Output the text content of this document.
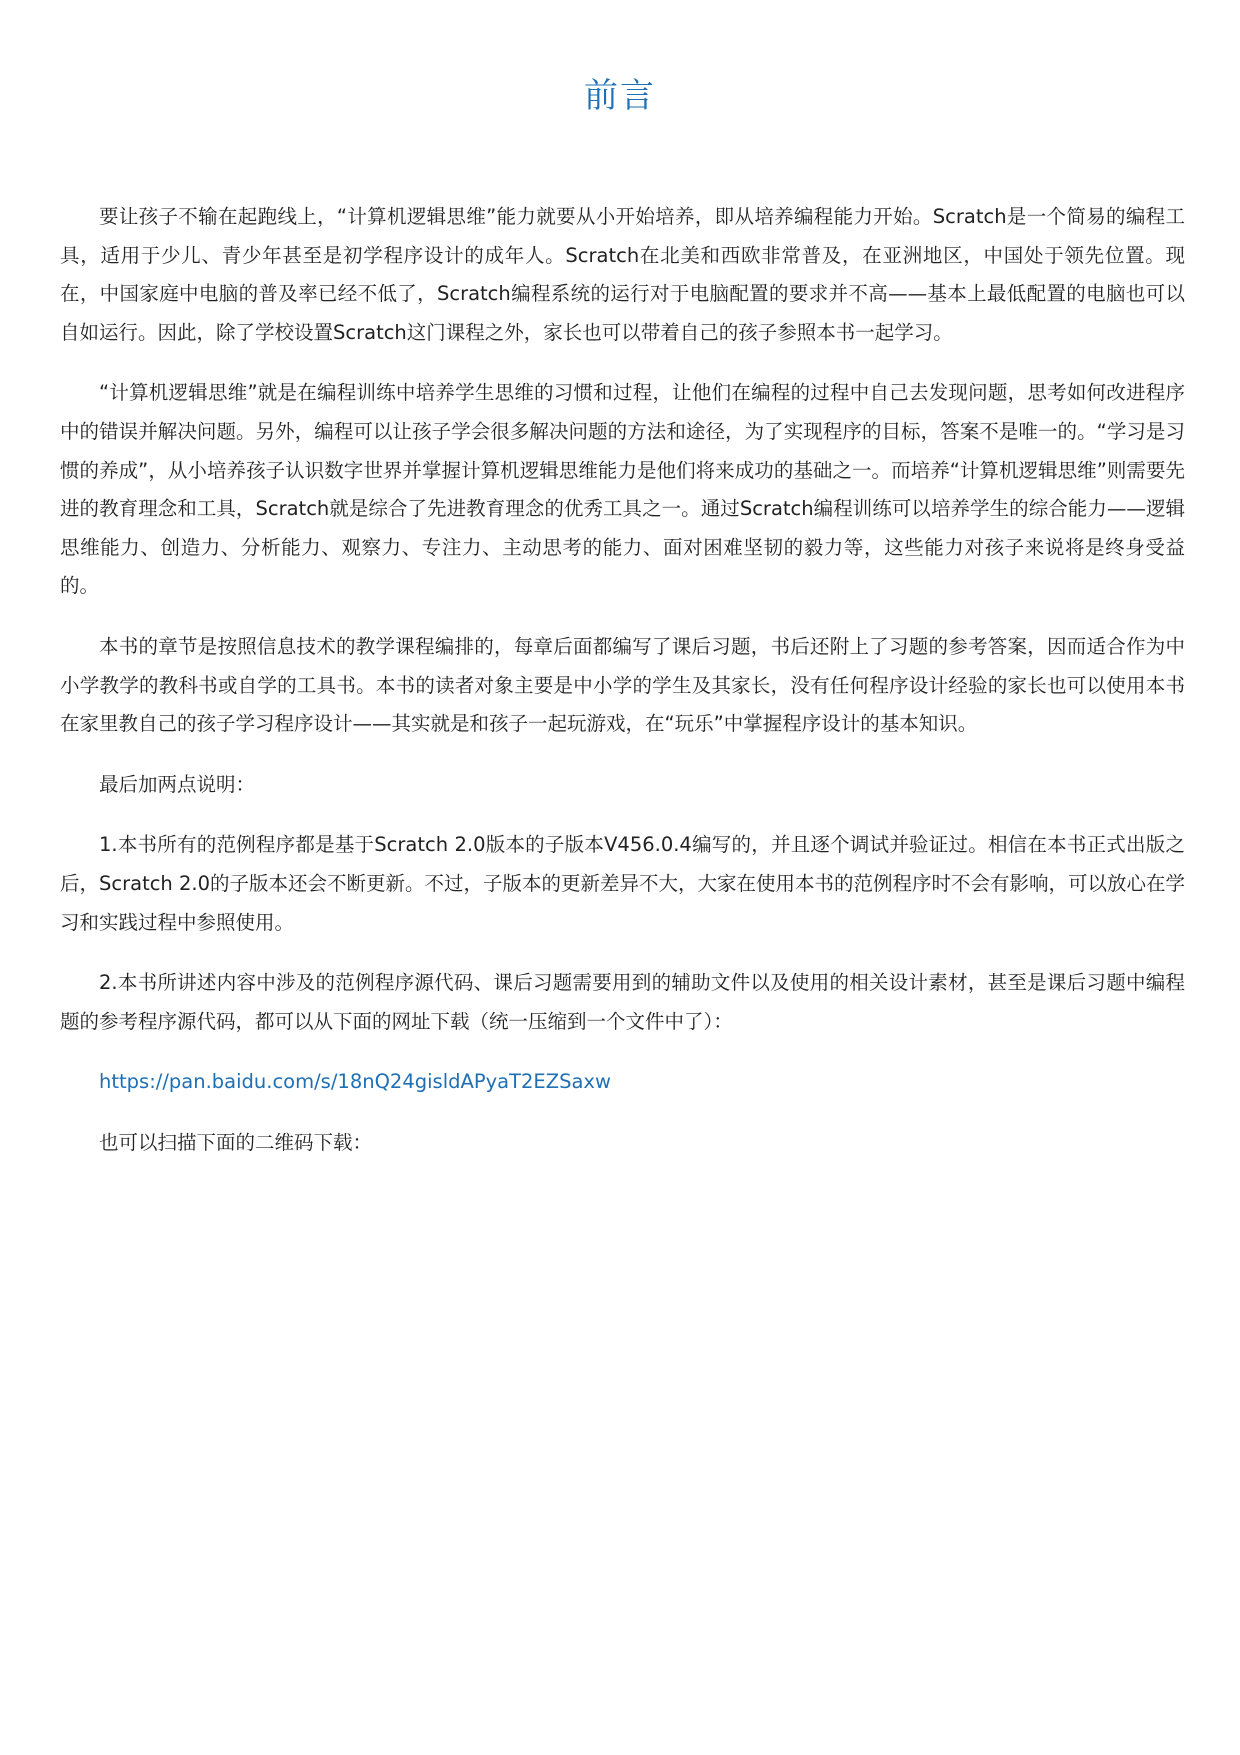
前言

要让孩子不输在起跑线上，“计算机逻辑思维”能力就要从小开始培养，即从培养编程能力开始。Scratch是一个简易的编程工具，适用于少儿、青少年甚至是初学程序设计的成年人。Scratch在北美和西欧非常普及，在亚洲地区，中国处于领先位置。现在，中国家庭中电脑的普及率已经不低了，Scratch编程系统的运行对于电脑配置的要求并不高——基本上最低配置的电脑也可以自如运行。因此，除了学校设置Scratch这门课程之外，家长也可以带着自己的孩子参照本书一起学习。

“计算机逻辑思维”就是在编程训练中培养学生思维的习惯和过程，让他们在编程的过程中自己去发现问题，思考如何改进程序中的错误并解决问题。另外，编程可以让孩子学会很多解决问题的方法和途径，为了实现程序的目标，答案不是唯一的。“学习是习惯的养成”，从小培养孩子认识数字世界并掌握计算机逻辑思维能力是他们将来成功的基础之一。而培养“计算机逻辑思维”则需要先进的教育理念和工具，Scratch就是综合了先进教育理念的优秀工具之一。通过Scratch编程训练可以培养学生的综合能力——逻辑思维能力、创造力、分析能力、观察力、专注力、主动思考的能力、面对困难坚韧的毅力等，这些能力对孩子来说将是终身受益的。

本书的章节是按照信息技术的教学课程编排的，每章后面都编写了课后习题，书后还附上了习题的参考答案，因而适合作为中小学教学的教科书或自学的工具书。本书的读者对象主要是中小学的学生及其家长，没有任何程序设计经验的家长也可以使用本书在家里教自己的孩子学习程序设计——其实就是和孩子一起玩游戏，在“玩乐”中掌握程序设计的基本知识。

最后加两点说明：

1.本书所有的范例程序都是基于Scratch 2.0版本的子版本V456.0.4编写的，并且逐个调试并验证过。相信在本书正式出版之后，Scratch 2.0的子版本还会不断更新。不过，子版本的更新差异不大，大家在使用本书的范例程序时不会有影响，可以放心在学习和实践过程中参照使用。

2.本书所讲述内容中涉及的范例程序源代码、课后习题需要用到的辅助文件以及使用的相关设计素材，甚至是课后习题中编程题的参考程序源代码，都可以从下面的网址下载（统一压缩到一个文件中了）：

https://pan.baidu.com/s/18nQ24gisldAPyaT2EZSaxw

也可以扫描下面的二维码下载：
